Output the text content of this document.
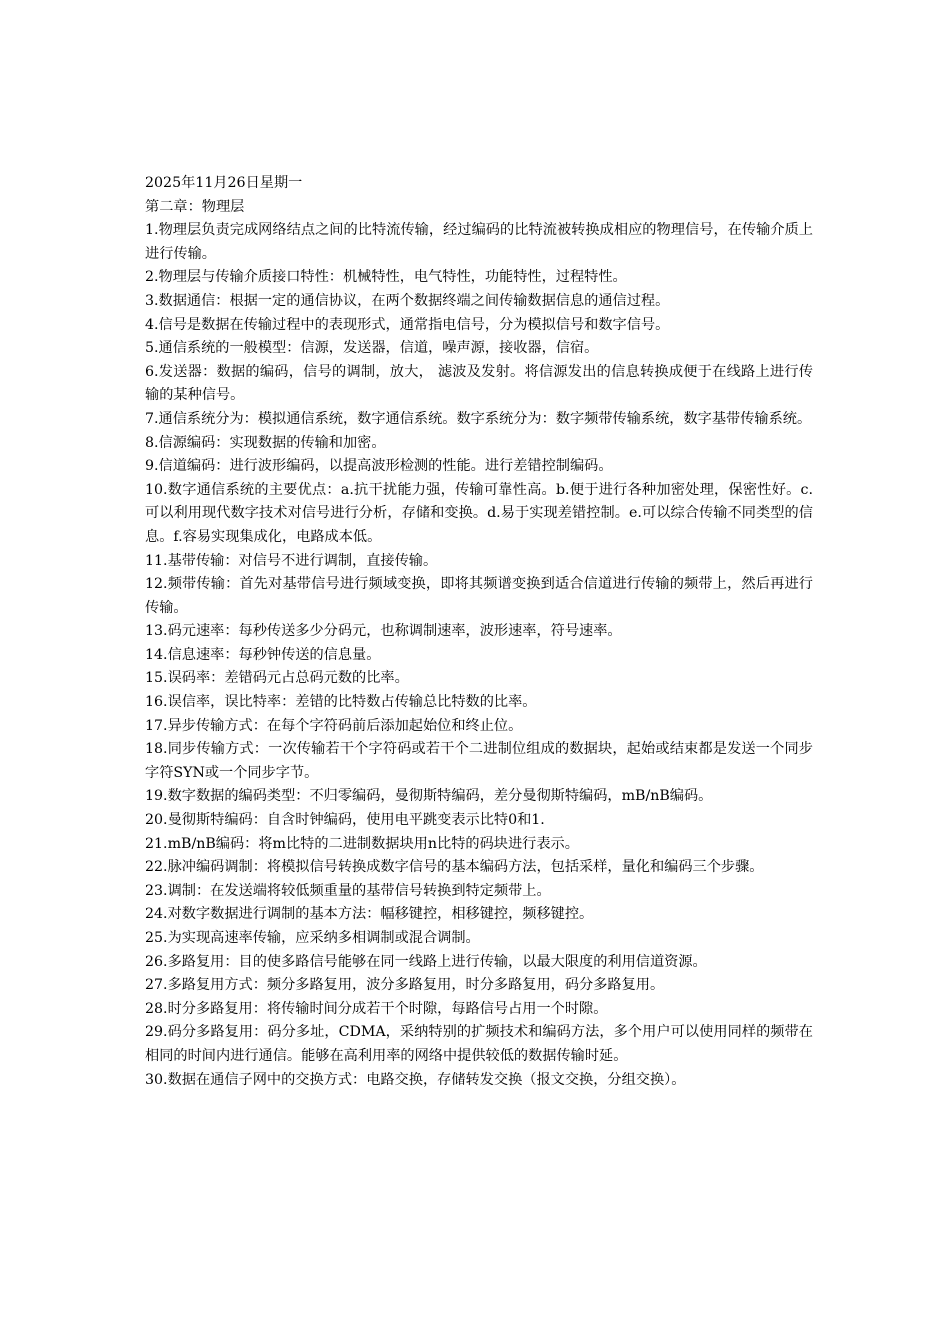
2025年11月26日星期一

第二章：物理层

1.物理层负责完成网络结点之间的比特流传输，经过编码的比特流被转换成相应的物理信号，在传输介质上进行传输。

2.物理层与传输介质接口特性：机械特性，电气特性，功能特性，过程特性。

3.数据通信：根据一定的通信协议，在两个数据终端之间传输数据信息的通信过程。

4.信号是数据在传输过程中的表现形式，通常指电信号，分为模拟信号和数字信号。

5.通信系统的一般模型：信源，发送器，信道，噪声源，接收器，信宿。

6.发送器：数据的编码，信号的调制，放大， 滤波及发射。将信源发出的信息转换成便于在线路上进行传输的某种信号。

7.通信系统分为：模拟通信系统，数字通信系统。数字系统分为：数字频带传输系统，数字基带传输系统。

8.信源编码：实现数据的传输和加密。

9.信道编码：进行波形编码，以提高波形检测的性能。进行差错控制编码。

10.数字通信系统的主要优点：a.抗干扰能力强，传输可靠性高。b.便于进行各种加密处理，保密性好。c.可以利用现代数字技术对信号进行分析，存储和变换。d.易于实现差错控制。e.可以综合传输不同类型的信息。f.容易实现集成化，电路成本低。

11.基带传输：对信号不进行调制，直接传输。

12.频带传输：首先对基带信号进行频域变换，即将其频谱变换到适合信道进行传输的频带上，然后再进行传输。

13.码元速率：每秒传送多少分码元，也称调制速率，波形速率，符号速率。

14.信息速率：每秒钟传送的信息量。

15.误码率：差错码元占总码元数的比率。

16.误信率，误比特率：差错的比特数占传输总比特数的比率。

17.异步传输方式：在每个字符码前后添加起始位和终止位。

18.同步传输方式：一次传输若干个字符码或若干个二进制位组成的数据块，起始或结束都是发送一个同步字符SYN或一个同步字节。

19.数字数据的编码类型：不归零编码，曼彻斯特编码，差分曼彻斯特编码，mB/nB编码。

20.曼彻斯特编码：自含时钟编码，使用电平跳变表示比特0和1.

21.mB/nB编码：将m比特的二进制数据块用n比特的码块进行表示。

22.脉冲编码调制：将模拟信号转换成数字信号的基本编码方法，包括采样，量化和编码三个步骤。

23.调制：在发送端将较低频重量的基带信号转换到特定频带上。

24.对数字数据进行调制的基本方法：幅移键控，相移键控，频移键控。

25.为实现高速率传输，应采纳多相调制或混合调制。

26.多路复用：目的使多路信号能够在同一线路上进行传输，以最大限度的利用信道资源。

27.多路复用方式：频分多路复用，波分多路复用，时分多路复用，码分多路复用。

28.时分多路复用：将传输时间分成若干个时隙，每路信号占用一个时隙。

29.码分多路复用：码分多址，CDMA，采纳特别的扩频技术和编码方法，多个用户可以使用同样的频带在相同的时间内进行通信。能够在高利用率的网络中提供较低的数据传输时延。

30.数据在通信子网中的交换方式：电路交换，存储转发交换（报文交换，分组交换）。
